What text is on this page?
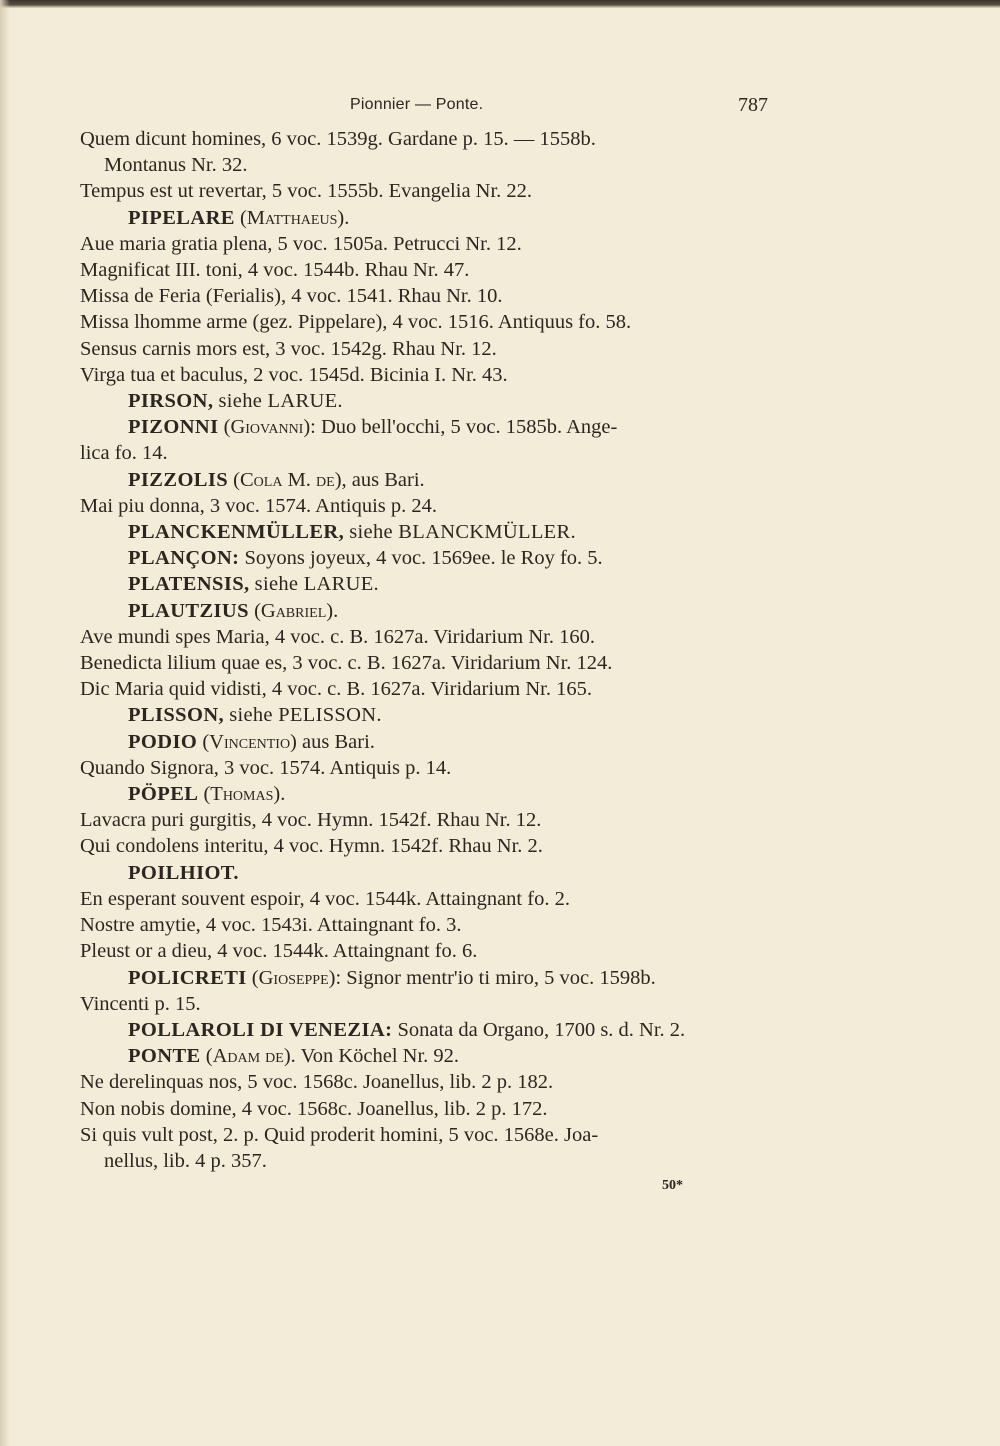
Pionnier — Ponte.	787

Quem dicunt homines, 6 voc. 1539g. Gardane p. 15. — 1558b.

Montanus Nr. 32.

Tempus est ut revertar, 5 voc. 1555b. Evangelia Nr. 22.

PIPELARE (Matthaeus).

Aue maria gratia plena, 5 voc. 1505a. Petrucci Nr. 12.

Magnificat III. toni, 4 voc. 1544b. Rhau Nr. 47.

Missa de Feria (Ferialis), 4 voc. 1541. Rhau Nr. 10.

Missa lhomme arme (gez. Pippelare), 4 voc. 1516. Antiquus fo. 58.

Sensus carnis mors est, 3 voc. 1542g. Rhau Nr. 12.

Virga tua et baculus, 2 voc. 1545d. Bicinia I. Nr. 43.

PIRSON, siehe LARUE.

PIZONNI (Giovanni): Duo bell'occhi, 5 voc. 1585b. Ange-

lica fo. 14.

PIZZOLIS (Cola M. de), aus Bari.

Mai piu donna, 3 voc. 1574. Antiquis p. 24.

PLANCKENMÜLLER, siehe BLANCKMÜLLER.

PLANÇON: Soyons joyeux, 4 voc. 1569ee. le Roy fo. 5.

PLATENSIS, siehe LARUE.

PLAUTZIUS (Gabriel).

Ave mundi spes Maria, 4 voc. c. B. 1627a. Viridarium Nr. 160.

Benedicta lilium quae es, 3 voc. c. B. 1627a. Viridarium Nr. 124.

Dic Maria quid vidisti, 4 voc. c. B. 1627a. Viridarium Nr. 165.

PLISSON, siehe PELISSON.

PODIO (Vincentio) aus Bari.

Quando Signora, 3 voc. 1574. Antiquis p. 14.

PÖPEL (Thomas).

Lavacra puri gurgitis, 4 voc. Hymn. 1542f. Rhau Nr. 12.

Qui condolens interitu, 4 voc. Hymn. 1542f. Rhau Nr. 2.

POILHIOT.

En esperant souvent espoir, 4 voc. 1544k. Attaingnant fo. 2.

Nostre amytie, 4 voc. 1543i. Attaingnant fo. 3.

Pleust or a dieu, 4 voc. 1544k. Attaingnant fo. 6.

POLICRETI (Gioseppe): Signor mentr'io ti miro, 5 voc. 1598b.

Vincenti p. 15.

POLLAROLI DI VENEZIA: Sonata da Organo, 1700 s. d. Nr. 2.

PONTE (Adam de). Von Köchel Nr. 92.

Ne derelinquas nos, 5 voc. 1568c. Joanellus, lib. 2 p. 182.

Non nobis domine, 4 voc. 1568c. Joanellus, lib. 2 p. 172.

Si quis vult post, 2. p. Quid proderit homini, 5 voc. 1568e. Joa-

nellus, lib. 4 p. 357.

50*
